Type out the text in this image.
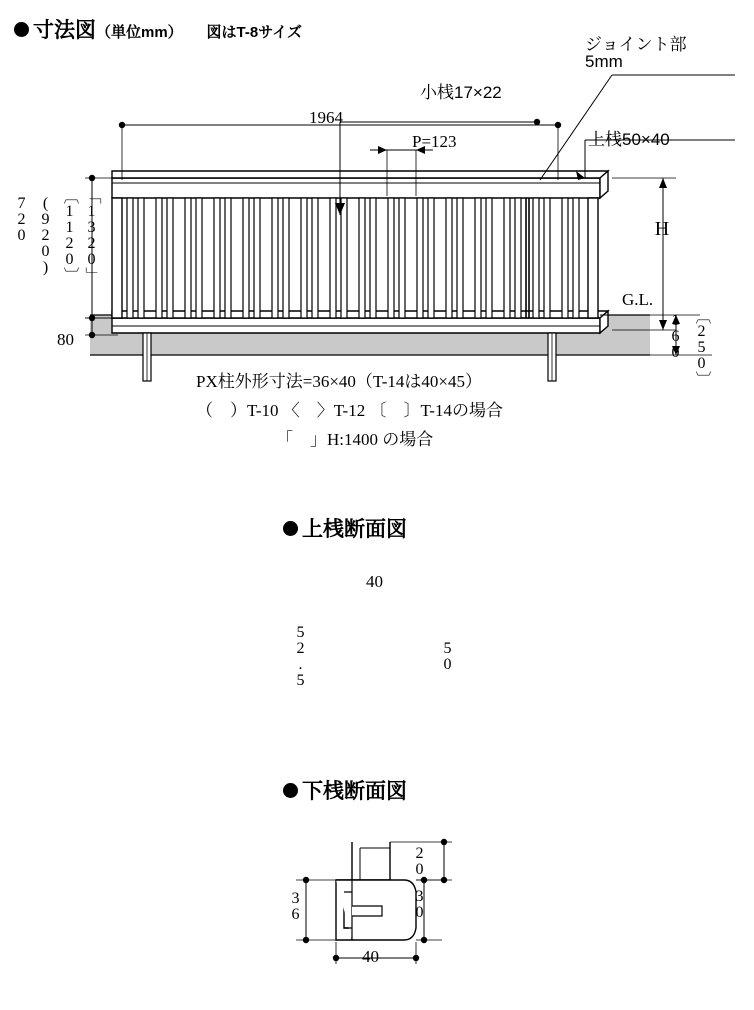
寸法図（単位mm） 図はT-8サイズ
1964
P=123
小桟17×22
ジョイント部
5mm
上桟50×40
G.L.
80
720 (920) 〔1120〕 「1320」	H
160 〔250〕
PX柱外形寸法=36×40（T-14は40×45）
（　）T-10 〈　〉T-12 〔　〕T-14の場合
「　」H:1400 の場合
上桟断面図
40
52.5	50
下桟断面図
36	30
20
40
